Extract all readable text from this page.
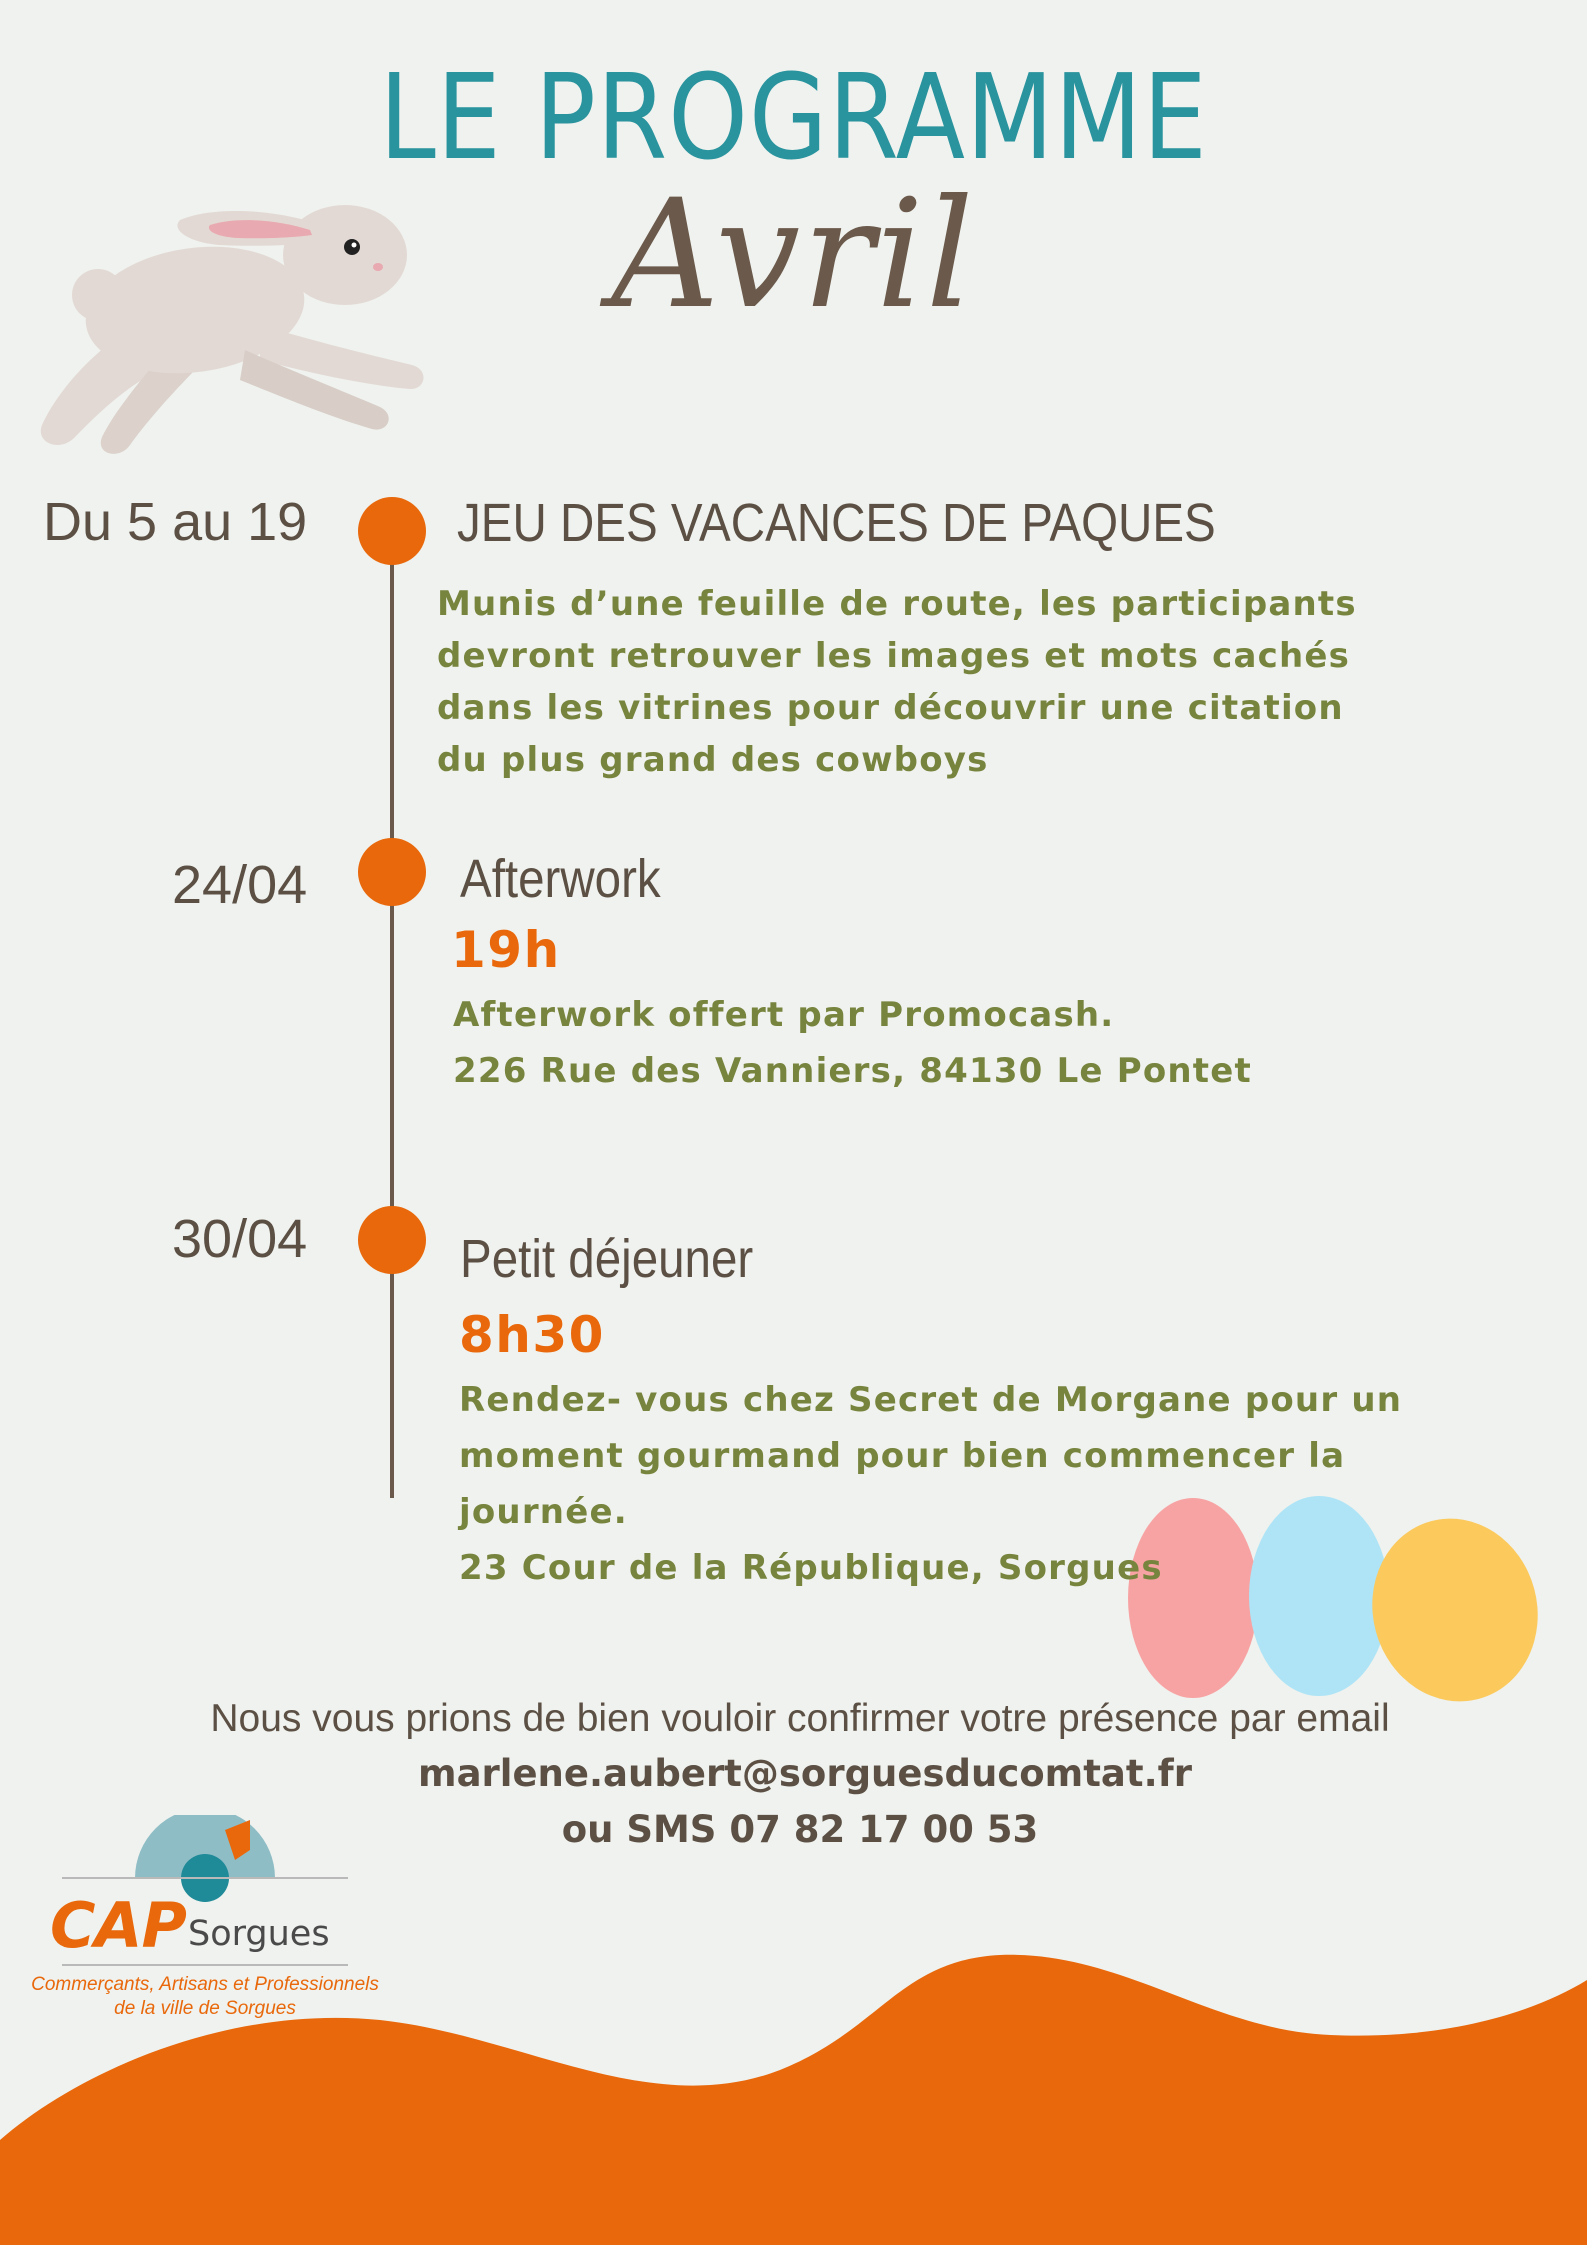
LE PROGRAMME
Avril
Du 5 au 19	JEU DES VACANCES DE PAQUES
Munis d’une feuille de route, les participants
devront retrouver les images et mots cachés
dans les vitrines pour découvrir une citation
du plus grand des cowboys
24/04	Afterwork
19h
Afterwork offert par Promocash.
226 Rue des Vanniers, 84130 Le Pontet
30/04	Petit déjeuner
8h30
Rendez- vous chez Secret de Morgane pour un
moment gourmand pour bien commencer la
journée.
23 Cour de la République, Sorgues
Nous vous prions de bien vouloir confirmer votre présence par email
marlene.aubert@sorguesducomtat.fr
ou SMS 07 82 17 00 53
CAP Sorgues
Commerçants, Artisans et Professionnels
de la ville de Sorgues
